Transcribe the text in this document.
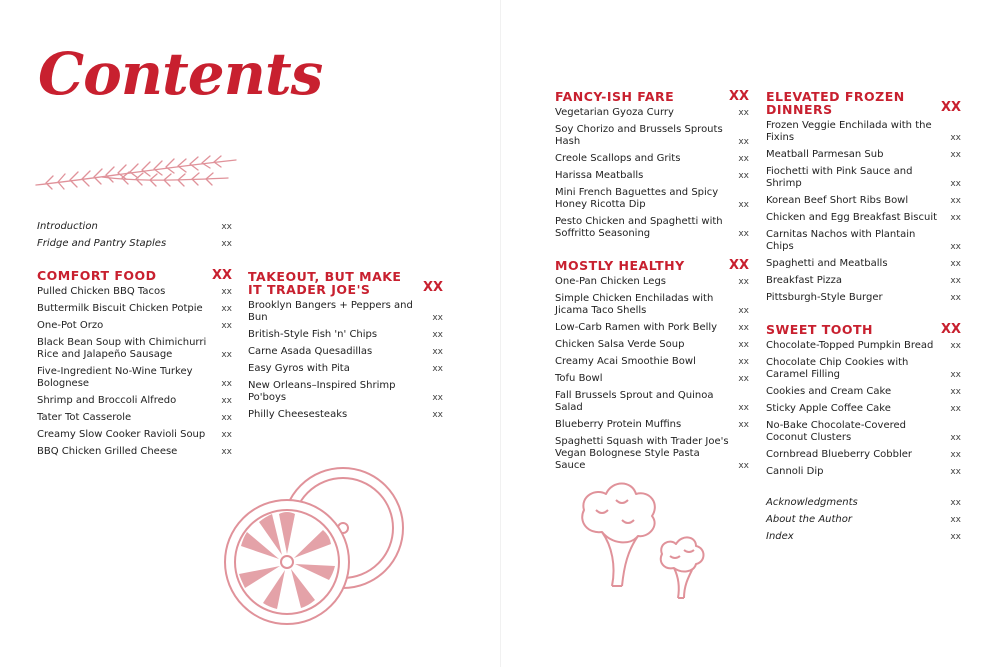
Contents
Introduction	xx
Fridge and Pantry Staples	xx
COMFORT FOOD	XX
Pulled Chicken BBQ Tacos	xx
Buttermilk Biscuit Chicken Potpie xx
One-Pot Orzo	xx
Black Bean Soup with Chimichurri Rice and Jalapeño Sausage	xx
Five-Ingredient No-Wine Turkey Bolognese	xx
Shrimp and Broccoli Alfredo	xx
Tater Tot Casserole	xx
Creamy Slow Cooker Ravioli Soup xx
BBQ Chicken Grilled Cheese	xx
TAKEOUT, BUT MAKE IT TRADER JOE'S	XX
Brooklyn Bangers + Peppers and Bun	xx
British-Style Fish 'n' Chips	xx
Carne Asada Quesadillas	xx
Easy Gyros with Pita	xx
New Orleans–Inspired Shrimp Po'boys	xx
Philly Cheesesteaks	xx
FANCY-ISH FARE	XX
Vegetarian Gyoza Curry	xx
Soy Chorizo and Brussels Sprouts Hash	xx
Creole Scallops and Grits	xx
Harissa Meatballs	xx
Mini French Baguettes and Spicy Honey Ricotta Dip	xx
Pesto Chicken and Spaghetti with Soffritto Seasoning	xx
MOSTLY HEALTHY	XX
One-Pan Chicken Legs	xx
Simple Chicken Enchiladas with Jicama Taco Shells	xx
Low-Carb Ramen with Pork Belly xx
Chicken Salsa Verde Soup	xx
Creamy Acai Smoothie Bowl	xx
Tofu Bowl	xx
Fall Brussels Sprout and Quinoa Salad	xx
Blueberry Protein Muffins	xx
Spaghetti Squash with Trader Joe's Vegan Bolognese Style Pasta Sauce	xx
ELEVATED FROZEN DINNERS	XX
Frozen Veggie Enchilada with the Fixins	xx
Meatball Parmesan Sub	xx
Fiochetti with Pink Sauce and Shrimp	xx
Korean Beef Short Ribs Bowl	xx
Chicken and Egg Breakfast Biscuit xx
Carnitas Nachos with Plantain Chips	xx
Spaghetti and Meatballs	xx
Breakfast Pizza	xx
Pittsburgh-Style Burger	xx
SWEET TOOTH	XX
Chocolate-Topped Pumpkin Bread xx
Chocolate Chip Cookies with Caramel Filling	xx
Cookies and Cream Cake	xx
Sticky Apple Coffee Cake	xx
No-Bake Chocolate-Covered Coconut Clusters	xx
Cornbread Blueberry Cobbler	xx
Cannoli Dip	xx
Acknowledgments	xx
About the Author	xx
Index	xx
